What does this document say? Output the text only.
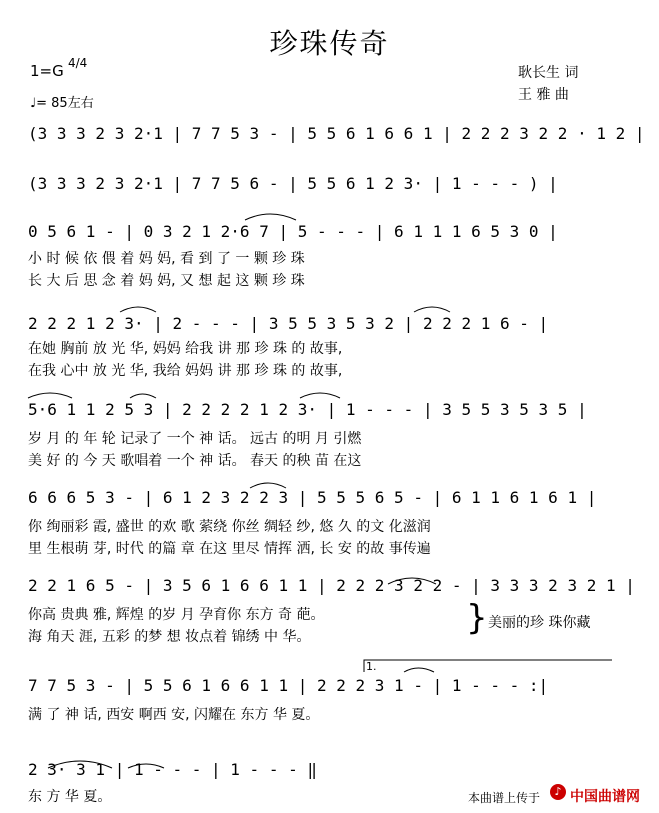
珍珠传奇
1=G 4/4
♩= 85左右
耿长生 词
王 雅 曲
(3 3 3 2 3 2·1 | 7 7 5 3 - | 5 5 6 1 6 6 1 | 2 2 2 3 2 2 · 1 2 |
(3 3 3 2 3 2·1 | 7 7 5 6 - | 5 5 6 1 2 3· | 1 - - - ) |
0 5 6 1 - | 0 3 2 1 2·6 7 | 5 - - - | 6 1 1 1 6 5 3 0 |
小 时 候 依 偎 着 妈 妈, 看 到 了 一 颗 珍 珠
长 大 后 思 念 着 妈 妈, 又 想 起 这 颗 珍 珠
2 2 2 1 2 3· | 2 - - - | 3 5 5 3 5 3 2 | 2 2 2 1 6 - |
在她 胸前 放 光 华, 妈妈 给我 讲 那 珍 珠 的 故事,
在我 心中 放 光 华, 我给 妈妈 讲 那 珍 珠 的 故事,
5·6 1 1 2 5 3 | 2 2 2 2 1 2 3· | 1 - - - | 3 5 5 3 5 3 5 |
岁 月 的 年 轮 记录了 一个 神 话。 远古 的明 月 引燃
美 好 的 今 天 歌唱着 一个 神 话。 春天 的秧 苗 在这
6 6 6 5 3 - | 6 1 2 3 2 2 3 | 5 5 5 6 5 - | 6 1 1 6 1 6 1 |
你 绚丽彩 霞, 盛世 的欢 歌 萦绕 你丝 绸轻 纱, 悠 久 的文 化滋润
里 生根萌 芽, 时代 的篇 章 在这 里尽 情挥 洒, 长 安 的故 事传遍
2 2 1 6 5 - | 3 5 6 1 6 6 1 1 | 2 2 2 3 2 2 - | 3 3 3 2 3 2 1 |
你高 贵典 雅, 辉煌 的岁 月 孕育你 东方 奇 葩。
海 角天 涯, 五彩 的梦 想 妆点着 锦绣 中 华。	} 美丽的珍 珠你藏
1.
7 7 5 3 - | 5 5 6 1 6 6 1 1 | 2 2 2 3 1 - | 1 - - - :|
满 了 神 话, 西安 啊西 安, 闪耀在 东方 华 夏。
2 3· 3 1 | 1 - - - | 1 - - - ‖
东 方 华 夏。	本曲谱上传于	♪ 中国曲谱网
